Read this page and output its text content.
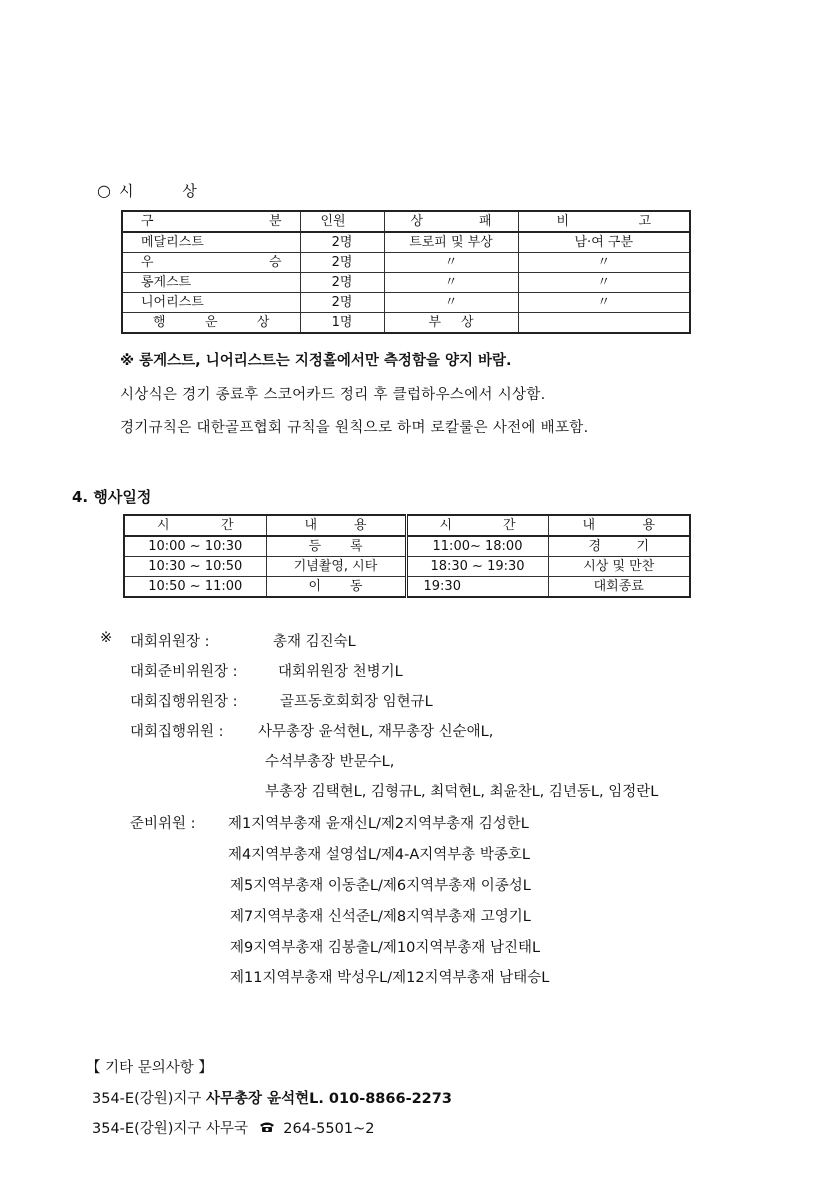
○ 시 상
구 분	인원	상 패	비 고
메달리스트	2명	트로피 및 부상	남·여 구분
우 승	2명	〃	〃
롱게스트	2명	〃	〃
니어리스트	2명	〃	〃
행 운 상	1명	부 상	
※ 롱게스트, 니어리스트는 지정홀에서만 측정함을 양지 바람.
시상식은 경기 종료후 스코어카드 정리 후 클럽하우스에서 시상함.
경기규칙은 대한골프협회 규칙을 원칙으로 하며 로칼룰은 사전에 배포함.
4. 행사일정
시 간	내 용	시 간	내 용
10:00 ~ 10:30	등 록	11:00~ 18:00	경 기
10:30 ~ 10:50	기념촬영, 시타	18:30 ~ 19:30	시상 및 만찬
10:50 ~ 11:00	이 동	19:30	대회종료
※ 대회위원장 :	총재 김진숙L
대회준비위원장 :	대회위원장 천병기L
대회집행위원장 :	골프동호회회장 임현규L
대회집행위원 : 사무총장 윤석현L, 재무총장 신순애L,
수석부총장 반문수L,
부총장 김택현L, 김형규L, 최덕현L, 최윤찬L, 김년동L, 임정란L
준비위원 : 제1지역부총재 윤재신L/제2지역부총재 김성한L
제4지역부총재 설영섭L/제4-A지역부총 박종호L
제5지역부총재 이동춘L/제6지역부총재 이종성L
제7지역부총재 신석준L/제8지역부총재 고영기L
제9지역부총재 김봉출L/제10지역부총재 남진태L
제11지역부총재 박성우L/제12지역부총재 남태승L
【 기타 문의사항 】
354-E(강원)지구 사무총장 윤석현L. 010-8866-2273
354-E(강원)지구 사무국 264-5501~2
